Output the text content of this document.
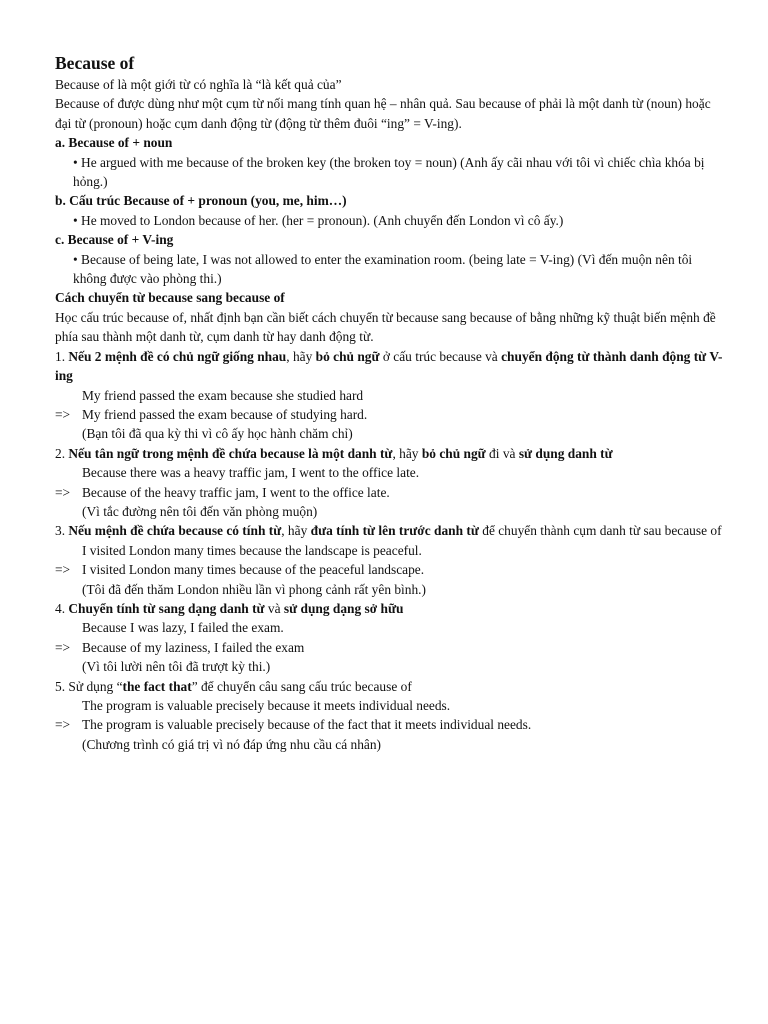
Because of

Because of là một giới từ có nghĩa là “là kết quả của”

Because of được dùng như một cụm từ nối mang tính quan hệ – nhân quả. Sau because of phải là một danh từ (noun) hoặc đại từ (pronoun) hoặc cụm danh động từ (động từ thêm đuôi “ing” = V-ing).

a. Because of + noun

• He argued with me because of the broken key (the broken toy = noun) (Anh ấy cãi nhau với tôi vì chiếc chìa khóa bị hỏng.)

b. Cấu trúc Because of + pronoun (you, me, him…)

• He moved to London because of her. (her = pronoun). (Anh chuyển đến London vì cô ấy.)

c. Because of + V-ing

• Because of being late, I was not allowed to enter the examination room. (being late = V-ing) (Vì đến muộn nên tôi không được vào phòng thi.)

Cách chuyển từ because sang because of

Học cấu trúc because of, nhất định bạn cần biết cách chuyển từ because sang because of bằng những kỹ thuật biến mệnh đề phía sau thành một danh từ, cụm danh từ hay danh động từ.

1. Nếu 2 mệnh đề có chủ ngữ giống nhau, hãy bỏ chủ ngữ ở cấu trúc because và chuyển động từ thành danh động từ V-ing

My friend passed the exam because she studied hard

=> My friend passed the exam because of studying hard.

(Bạn tôi đã qua kỳ thi vì cô ấy học hành chăm chỉ)

2. Nếu tân ngữ trong mệnh đề chứa because là một danh từ, hãy bỏ chủ ngữ đi và sử dụng danh từ

Because there was a heavy traffic jam, I went to the office late.

=> Because of the heavy traffic jam, I went to the office late.

(Vì tắc đường nên tôi đến văn phòng muộn)

3. Nếu mệnh đề chứa because có tính từ, hãy đưa tính từ lên trước danh từ để chuyển thành cụm danh từ sau because of

I visited London many times because the landscape is peaceful.

=> I visited London many times because of the peaceful landscape.

(Tôi đã đến thăm London nhiều lần vì phong cảnh rất yên bình.)

4. Chuyển tính từ sang dạng danh từ và sử dụng dạng sở hữu

Because I was lazy, I failed the exam.

=> Because of my laziness, I failed the exam

(Vì tôi lười nên tôi đã trượt kỳ thi.)

5. Sử dụng “the fact that” để chuyển câu sang cấu trúc because of

The program is valuable precisely because it meets individual needs.

=> The program is valuable precisely because of the fact that it meets individual needs.

(Chương trình có giá trị vì nó đáp ứng nhu cầu cá nhân)
